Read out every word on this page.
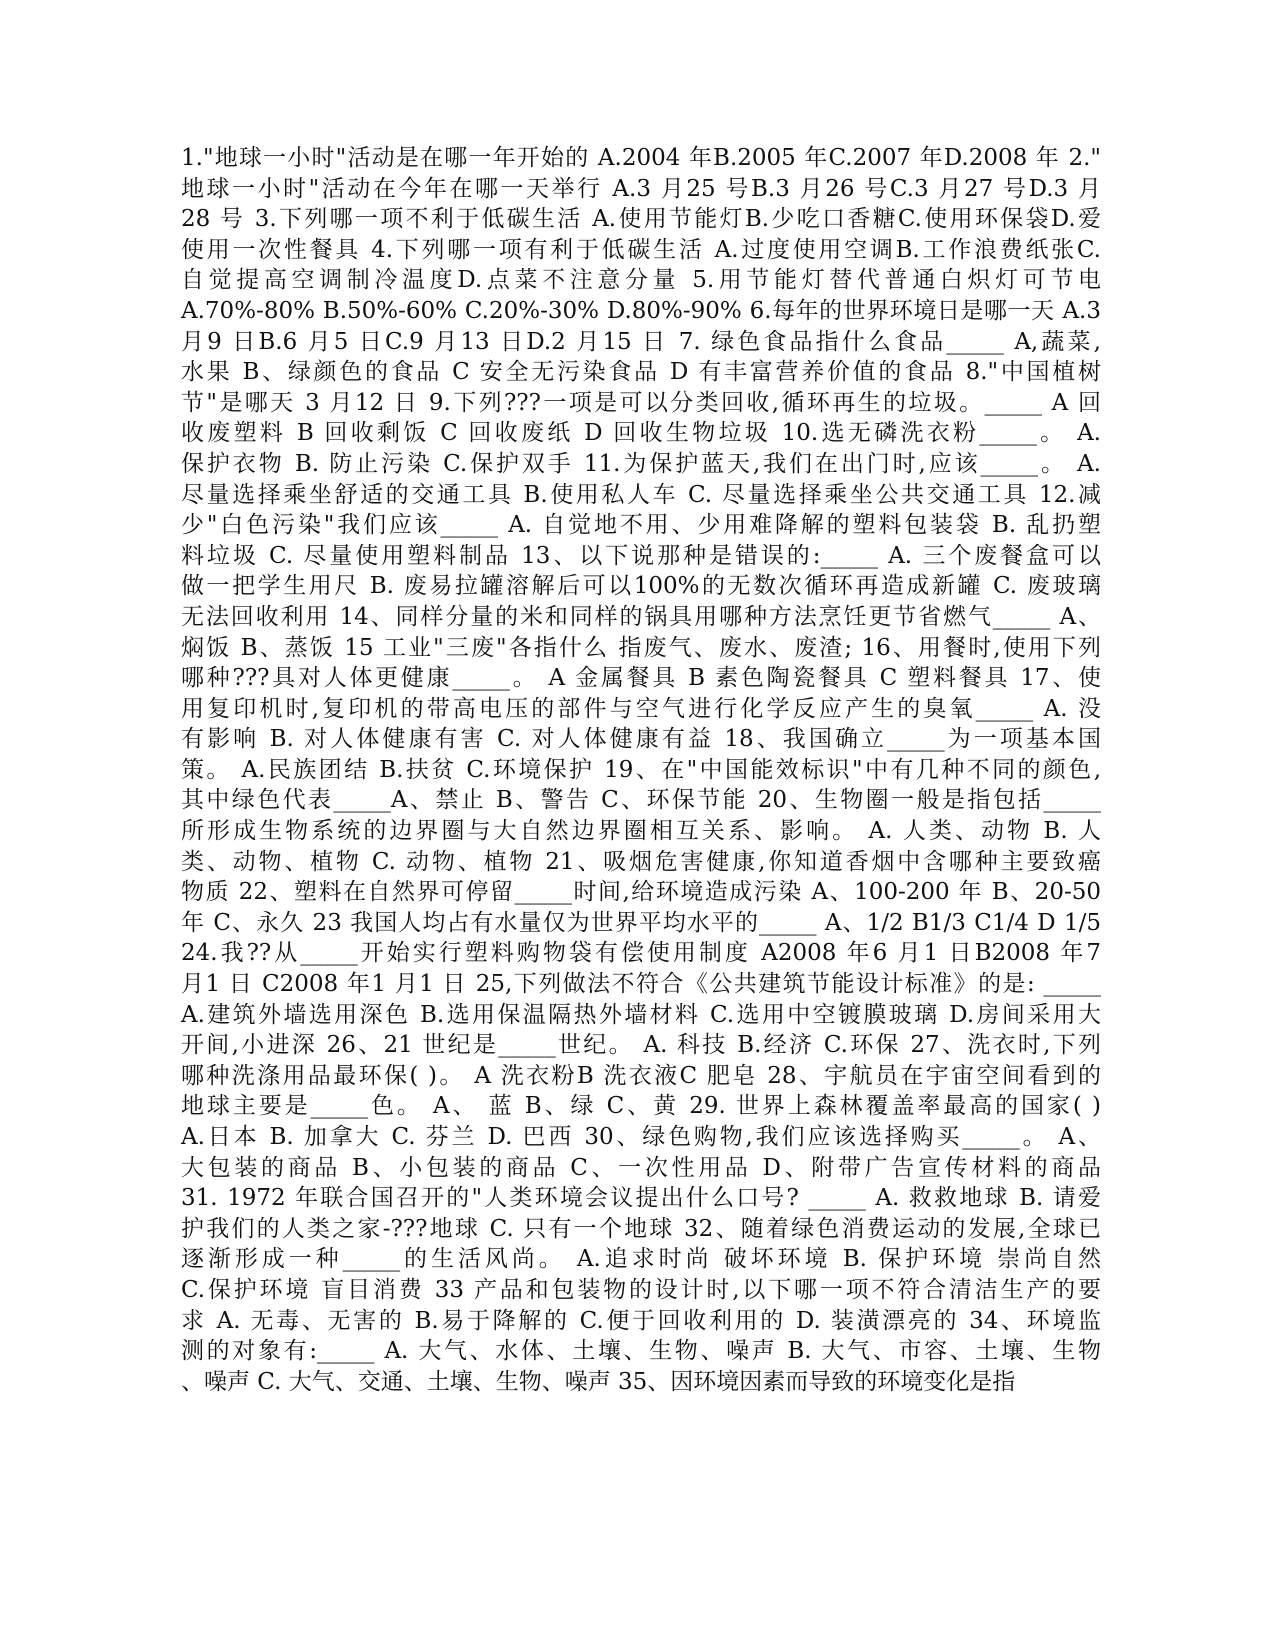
1."地球一小时"活动是在哪一年开始的 A.2004 年B.2005 年C.2007 年D.2008 年 2."
地球一小时"活动在今年在哪一天举行 A.3 月25 号B.3 月26 号C.3 月27 号D.3 月
28 号 3.下列哪一项不利于低碳生活 A.使用节能灯B.少吃口香糖C.使用环保袋D.爱
使用一次性餐具 4.下列哪一项有利于低碳生活 A.过度使用空调B.工作浪费纸张C.
自觉提高空调制冷温度D.点菜不注意分量 5.用节能灯替代普通白炽灯可节电
A.70%-80% B.50%-60% C.20%-30% D.80%-90% 6.每年的世界环境日是哪一天 A.3
月9 日B.6 月5 日C.9 月13 日D.2 月15 日 7. 绿色食品指什么食品_____ A,蔬菜,
水果 B、绿颜色的食品 C 安全无污染食品 D 有丰富营养价值的食品 8."中国植树
节"是哪天 3 月12 日 9.下列???一项是可以分类回收,循环再生的垃圾。_____ A 回
收废塑料 B 回收剩饭 C 回收废纸 D 回收生物垃圾 10.选无磷洗衣粉_____。 A.
保护衣物 B. 防止污染 C.保护双手 11.为保护蓝天,我们在出门时,应该_____。 A.
尽量选择乘坐舒适的交通工具 B.使用私人车 C. 尽量选择乘坐公共交通工具 12.减
少"白色污染"我们应该_____ A. 自觉地不用、少用难降解的塑料包装袋 B. 乱扔塑
料垃圾 C. 尽量使用塑料制品 13、以下说那种是错误的:_____ A. 三个废餐盒可以
做一把学生用尺 B. 废易拉罐溶解后可以100%的无数次循环再造成新罐 C. 废玻璃
无法回收利用 14、同样分量的米和同样的锅具用哪种方法烹饪更节省燃气_____ A、
焖饭 B、蒸饭 15 工业"三废"各指什么 指废气、废水、废渣; 16、用餐时,使用下列
哪种???具对人体更健康_____。 A 金属餐具 B 素色陶瓷餐具 C 塑料餐具 17、使
用复印机时,复印机的带高电压的部件与空气进行化学反应产生的臭氧_____ A. 没
有影响 B. 对人体健康有害 C. 对人体健康有益 18、我国确立_____为一项基本国
策。 A.民族团结 B.扶贫 C.环境保护 19、在"中国能效标识"中有几种不同的颜色,
其中绿色代表_____A、禁止 B、警告 C、环保节能 20、生物圈一般是指包括_____
所形成生物系统的边界圈与大自然边界圈相互关系、影响。 A. 人类、动物 B. 人
类、动物、植物 C. 动物、植物 21、吸烟危害健康,你知道香烟中含哪种主要致癌
物质 22、塑料在自然界可停留_____时间,给环境造成污染 A、100-200 年 B、20-50
年 C、永久 23 我国人均占有水量仅为世界平均水平的_____ A、1/2 B1/3 C1/4 D 1/5
24.我??从_____开始实行塑料购物袋有偿使用制度 A2008 年6 月1 日B2008 年7
月1 日 C2008 年1 月1 日 25,下列做法不符合《公共建筑节能设计标准》的是: _____
A.建筑外墙选用深色 B.选用保温隔热外墙材料 C.选用中空镀膜玻璃 D.房间采用大
开间,小进深 26、21 世纪是_____世纪。 A. 科技 B.经济 C.环保 27、洗衣时,下列
哪种洗涤用品最环保( )。 A 洗衣粉B 洗衣液C 肥皂 28、宇航员在宇宙空间看到的
地球主要是_____色。 A、 蓝 B、绿 C、黄 29. 世界上森林覆盖率最高的国家( )
A.日本 B. 加拿大 C. 芬兰 D. 巴西 30、绿色购物,我们应该选择购买_____。 A、
大包装的商品 B、小包装的商品 C、一次性用品 D、附带广告宣传材料的商品
31. 1972 年联合国召开的"人类环境会议提出什么口号? _____ A. 救救地球 B. 请爱
护我们的人类之家-???地球 C. 只有一个地球 32、随着绿色消费运动的发展,全球已
逐渐形成一种_____的生活风尚。 A.追求时尚 破坏环境 B. 保护环境 崇尚自然
C.保护环境 盲目消费 33 产品和包装物的设计时,以下哪一项不符合清洁生产的要
求 A. 无毒、无害的 B.易于降解的 C.便于回收利用的 D. 装潢漂亮的 34、环境监
测的对象有:_____ A. 大气、水体、土壤、生物、噪声 B. 大气、市容、土壤、生物
、噪声 C. 大气、交通、土壤、生物、噪声 35、因环境因素而导致的环境变化是指
